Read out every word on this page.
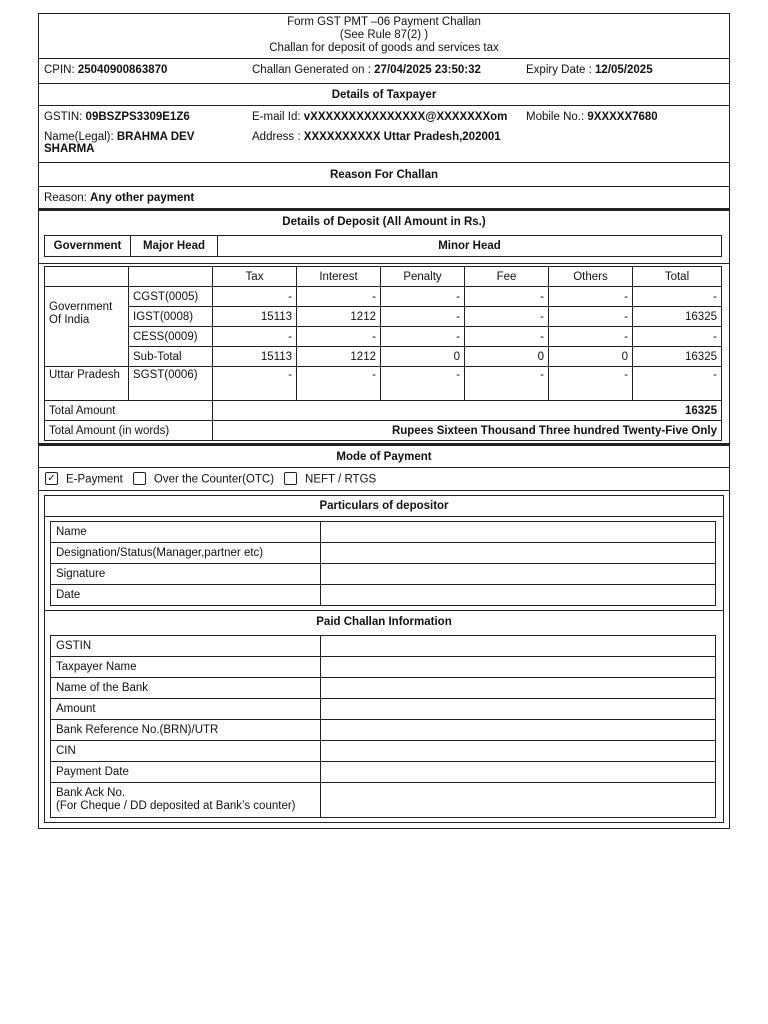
Form GST PMT –06 Payment Challan
(See Rule 87(2) )
Challan for deposit of goods and services tax
CPIN: 25040900863870	Challan Generated on : 27/04/2025 23:50:32	Expiry Date : 12/05/2025
Details of Taxpayer
GSTIN: 09BSZPS3309E1Z6	E-mail Id: vXXXXXXXXXXXXXXX@XXXXXXXom Mobile No.: 9XXXXX7680
Name(Legal): BRAHMA DEV SHARMA
Address : XXXXXXXXXX Uttar Pradesh,202001
Reason For Challan
Reason:
Any other payment
Details of Deposit (All Amount in Rs.)
Government	Major Head	Minor Head
		Tax	Interest	Penalty	Fee	Others	Total
Government Of India	CGST(0005)	-	-	-	-	-	-
	IGST(0008)	15113	1212	-	-	-	16325
	CESS(0009)	-	-	-	-	-	-
	Sub-Total	15113	1212	0	0	0	16325
Uttar Pradesh	SGST(0006)	-	-	-	-	-	-
Total Amount		16325					
Total Amount (in words)		Rupees Sixteen Thousand Three hundred Twenty-Five Only					
Mode of Payment
✓ E-Payment	Over the Counter(OTC)	NEFT / RTGS
Particulars of depositor
Name	
Designation/Status(Manager,partner etc)	
Signature	
Date	
Paid Challan Information
GSTIN	
Taxpayer Name	
Name of the Bank	
Amount	
Bank Reference No.(BRN)/UTR	
CIN	
Payment Date	

Bank Ack No.
(For Cheque / DD deposited at Bank’s counter)	
